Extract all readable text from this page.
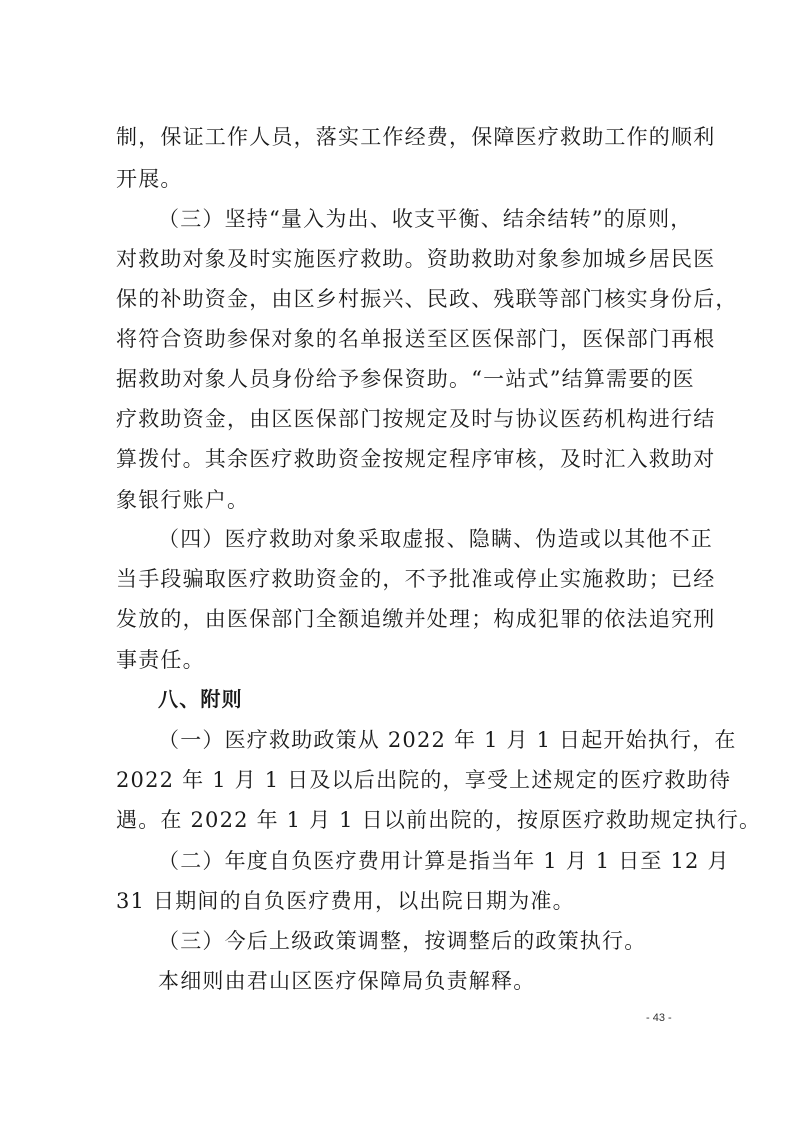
制，保证工作人员，落实工作经费，保障医疗救助工作的顺利
开展。
（三）坚持“量入为出、收支平衡、结余结转”的原则，
对救助对象及时实施医疗救助。资助救助对象参加城乡居民医
保的补助资金，由区乡村振兴、民政、残联等部门核实身份后，
将符合资助参保对象的名单报送至区医保部门，医保部门再根
据救助对象人员身份给予参保资助。“一站式”结算需要的医
疗救助资金，由区医保部门按规定及时与协议医药机构进行结
算拨付。其余医疗救助资金按规定程序审核，及时汇入救助对
象银行账户。
（四）医疗救助对象采取虚报、隐瞒、伪造或以其他不正
当手段骗取医疗救助资金的，不予批准或停止实施救助；已经
发放的，由医保部门全额追缴并处理；构成犯罪的依法追究刑
事责任。
八、附则
（一）医疗救助政策从 2022 年 1 月 1 日起开始执行，在
2022 年 1 月 1 日及以后出院的，享受上述规定的医疗救助待
遇。在 2022 年 1 月 1 日以前出院的，按原医疗救助规定执行。
（二）年度自负医疗费用计算是指当年 1 月 1 日至 12 月
31 日期间的自负医疗费用，以出院日期为准。
（三）今后上级政策调整，按调整后的政策执行。
本细则由君山区医疗保障局负责解释。
- 43 -
